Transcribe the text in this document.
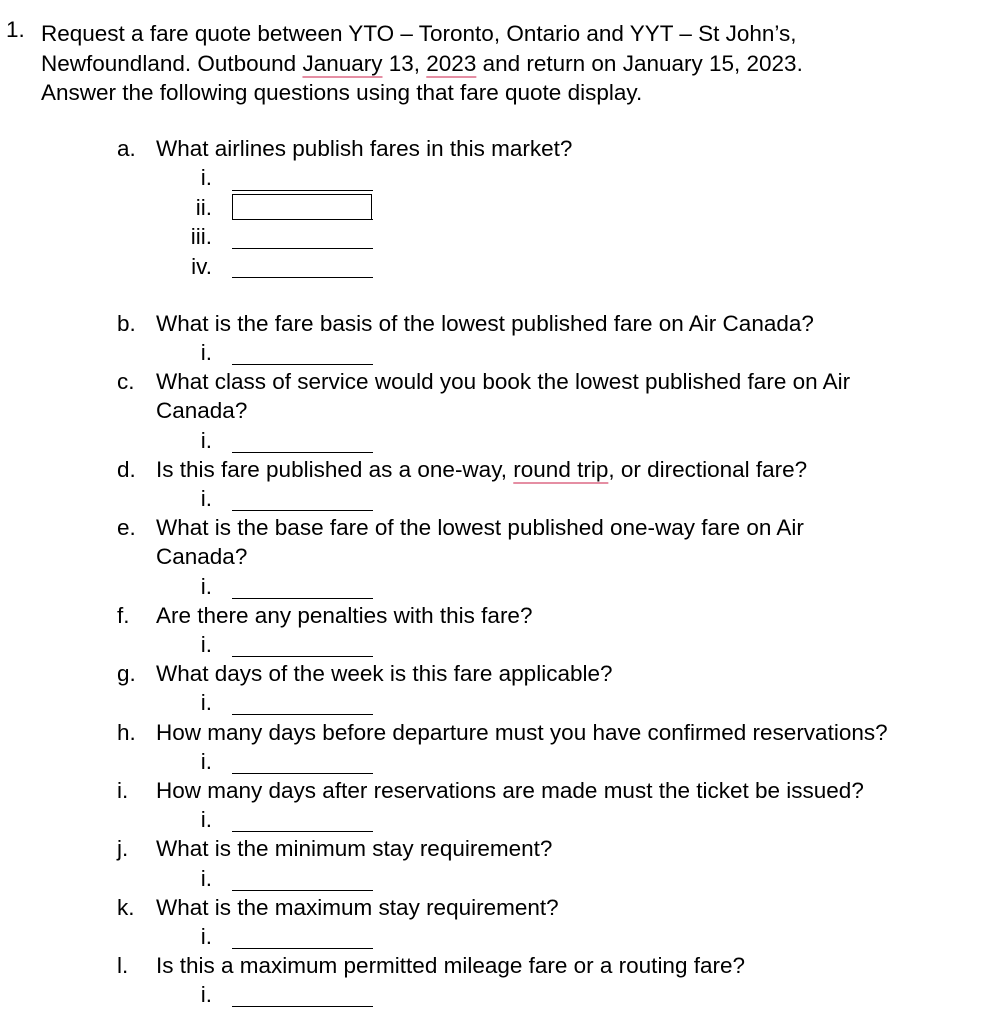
1. Request a fare quote between YTO – Toronto, Ontario and YYT – St John’s,
Newfoundland. Outbound January 13, 2023 and return on January 15, 2023.
Answer the following questions using that fare quote display.
a. What airlines publish fares in this market?
i.
ii.
iii.
iv.
b. What is the fare basis of the lowest published fare on Air Canada?
i.
c. What class of service would you book the lowest published fare on Air
Canada?
i.
d. Is this fare published as a one-way, round trip, or directional fare?
i.
e. What is the base fare of the lowest published one-way fare on Air
Canada?
i.
f. Are there any penalties with this fare?
i.
g. What days of the week is this fare applicable?
i.
h. How many days before departure must you have confirmed reservations?
i.
i. How many days after reservations are made must the ticket be issued?
i.
j. What is the minimum stay requirement?
i.
k. What is the maximum stay requirement?
i.
l. Is this a maximum permitted mileage fare or a routing fare?
i.
